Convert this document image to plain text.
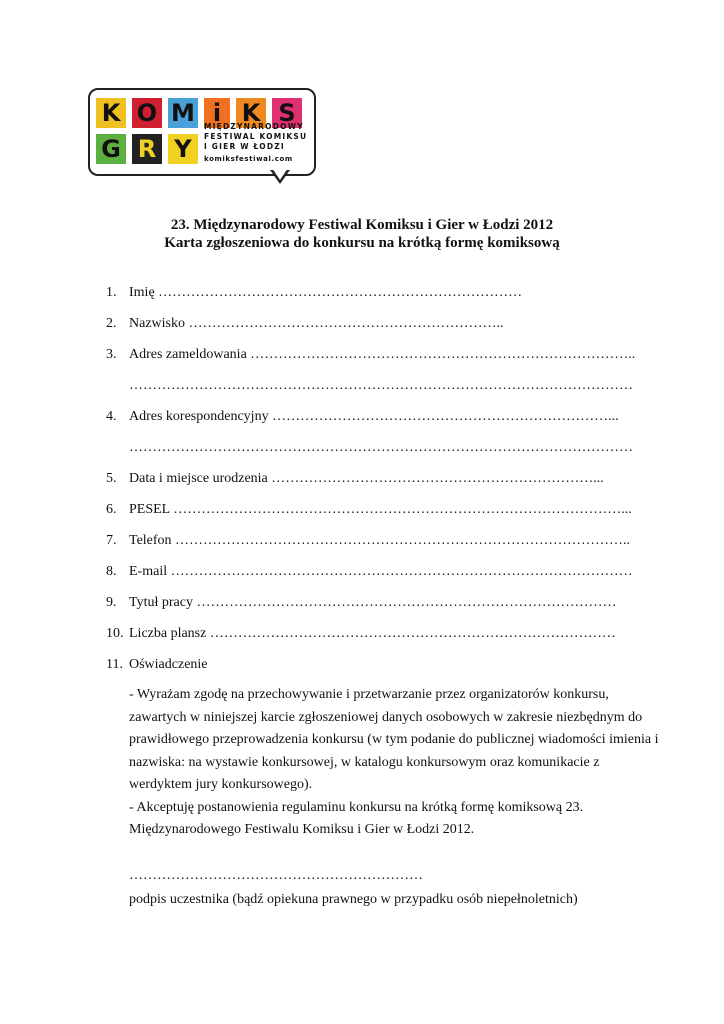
K O M i K S
G R Y
MIĘDZYNARODOWY
FESTIWAL KOMIKSU
I GIER W ŁODZI
komiksfestiwal.com
23. Międzynarodowy Festiwal Komiksu i Gier w Łodzi 2012
Karta zgłoszeniowa do konkursu na krótką formę komiksową
1. Imię ……………………………………………………………………
2. Nazwisko …………………………………………………………..
3. Adres zameldowania ………………………………………………………………………..
………………………………………………………………………………………………
4. Adres korespondencyjny ………………………………………………………………...
………………………………………………………………………………………………
5. Data i miejsce urodzenia ……………………………………………………………...
6. PESEL ……………………………………………………………………………………...
7. Telefon ……………………………………………………………………………………..
8. E-mail ………………………………………………………………………………………
9. Tytuł pracy ………………………………………………………………………………
10. Liczba plansz ……………………………………………………………………………
11. Oświadczenie
- Wyrażam zgodę na przechowywanie i przetwarzanie przez organizatorów konkursu,
zawartych w niniejszej karcie zgłoszeniowej danych osobowych w zakresie niezbędnym do
prawidłowego przeprowadzenia konkursu (w tym podanie do publicznej wiadomości imienia i
nazwiska: na wystawie konkursowej, w katalogu konkursowym oraz komunikacie z
werdyktem jury konkursowego).
- Akceptuję postanowienia regulaminu konkursu na krótką formę komiksową 23.
Międzynarodowego Festiwalu Komiksu i Gier w Łodzi 2012.
………………………………………………………
podpis uczestnika (bądź opiekuna prawnego w przypadku osób niepełnoletnich)
